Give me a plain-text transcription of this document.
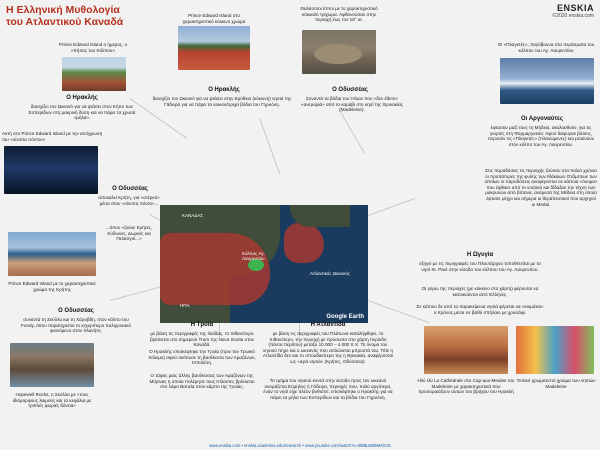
Η Ελληνική Μυθολογία
του Ατλαντικού Καναδά
ENSKIA
©2020 enskia.com
Prince Edward Island στο χαρακτηριστικό κόκκινο χρώμα
Θαλάσσιοι ίπποι με το χαρακτηριστικό κόκκαλό τρίχωμα. Αφθονούσαν στην περιοχή έως τον 18° αι.
Prince Edward Island ο ήμερος, ο «Κήπος του Κόλπου»
Ο Ηρακλής
διασχίζει τον Ωκεανό για να φτάσει στην Ερύθεια (κόκκινη) νησιά της Γάδειρα για να πάρει τα κοκκινότριχα βόδια του Γηρυόνη.
Ο Οδυσσέας
Συναντά τα βόδια του Ήλιου που «δεν έθετο» «ανεραμιά» από το καράβι στο νησί της Θρινακίας (Madeleine).
Ο Ηρακλής
διασχίζει τον Ωκεανό για να φτάσει στον Κήπο των Εσπερίδων στη μακρινή δύση και να πάρει τα χρυσά «μήλα».
Οι «Πλαγκτές», παγόβουνα στα περάσματα του κόλπου του Αγ. Λαυρεντίου
Οι Αργοναύτες
έφτασαν μαζί τους τη Μήδεια, ακολουθούν, για τις γιορτές στη Φορμαργιανία. Αφού διέφυγαν βάσεις, περνούν τις «Πλαγκτές» (πλανώμενες) και μπαίνουν στον κόλπο του Αγ. Λαυρεντίου.
Στις παραδόσεις τις περιοχής ζούσαν στα παλιά χρόνια οι προπάτορες της φυλής των Ιθάκαιων Οτζίμπουε των οποίων οι παραδόσεις αναφέρονται σε κάποια «όνομα» που έφθανε από το νοητικό και δίδαξαν την τέχνη των μακρυνών από βότανα, ανάμεσά της Μέδεια στη οποία έφτασε μέχρι και σήμερα οι θεραπευτικοί που αρχηγοί οι Medai.
Ακτή στο Prince Edward Island με την απόχρωση του «οίνοπα πόντου»
Ο Οδυσσέας
αποκαλεί Κρήτη, για «στέρεά» μέσα στον «οίνοπα πόντο»...
...όπου «ζούνε Κρήτες, Κύδωνες, Δωριείς και Πελασγοί...»
Prince Edward Island με το χαρακτηριστικό χρώμα της Κρήτης
ΚΑΝΑΔΑΣ
Κόλπος Αγ. Λαυρεντίου
Ατλαντικός Ωκεανός
ΗΠΑ
Google Earth
Η Ωγυγία
εξηγεί με τις περιγραφές του Πλουτάρχου τοποθετείται με το νησί St. Paul στην είσοδο του κόλπου του Αγ. Λαυρεντίου.
Οι γύρω της περιοχές (με κόκκινο στο χάρτη) φέρονται να κατοικούνται από Έλληνες.
Σε κάποιο δε από τα παρακείμενα νησιά φέρεται να «κοιμάται» ο Κρόνος μέσα σε βαθύ σπήλαιο με χρυσάφι.
Ο Οδυσσέας
συναντά τη Σκύλλα και τη Χάρυβδη, στον κόλπο του Fundy, όπου παρατηρείται το ισχυρότερο παλιρροιακό φαινόμενο στον πλανήτη.
Hopewell Rocks, η Σκύλλα με «τους ιδιόμορφους λαιμούς και τα κεφάλια με τριπλές φωριές δόντια»
Η Τροία
με βάση τις περιγραφές της Ιλιάδας, το πιθανότερο βρίσκεται στο σημερινό Truro της Nova Scotia στον Καναδά.
Ο Ηρακλής επισκέφτηκε την Τροία (πριν τον Τρωικό πόλεμο) αφού σκότωσε τη βασίλισσα των Αμαζόνων, Ιππολύτη.
Ο τάφος μιας άλλης βασίλισσας των Αμαζόνων της Μύρινας η οποία πολέμησε τους Άτλαντες βρίσκεται στο λόφο Βατιεία στον κάμπο της Τροίας.
Η Ατλαντίδα
με βάση τις περιγραφές του Πλάτωνα καταλήφθηκε, το πιθανότερο, την περιοχή με πρόσωπο στο χάρτη περίοδο (πάντα περίπου) μεταξύ 10.000 – 4.000 π.Χ. Το όνομα του νησιού πήρε και ο ωκεανός που απλώνεται μπροστά του. Τότε η Ατλαντίδα δεν και το σπουδαιότερο της η Θρινακία, αναφέρονται ως «ιερά νησιά» (Κρήτες, Οδύσσεια).
Το τμήμα του νησιού κοντά στην είσοδο προς τον ωκεανό ονομάζεται Εύμηλος ή Γάδειρα, περιοχές που, πολύ αργότερα, έναν το νησί είχε πλέον βυθιστεί, επισκέφτηκε ο Ηρακλής για να πάρει τα μήλα των Εσπερίδων και τα βόδια του Γηρυόνη.
Ηλύ Ιλύ La Cathédrale στο Cap-aux-Meules του Madeleine με χαρακτηριστικά που προσομοιάζουν αυτών του βράχου του Ηρακλή
Τυπικό χρωματιστό χρώμα των νησιών Madeleine
www.enskia.com • enskia.academia.edu/research • www.youtube.com/watch?v=0l8BLW8bMKln3s
